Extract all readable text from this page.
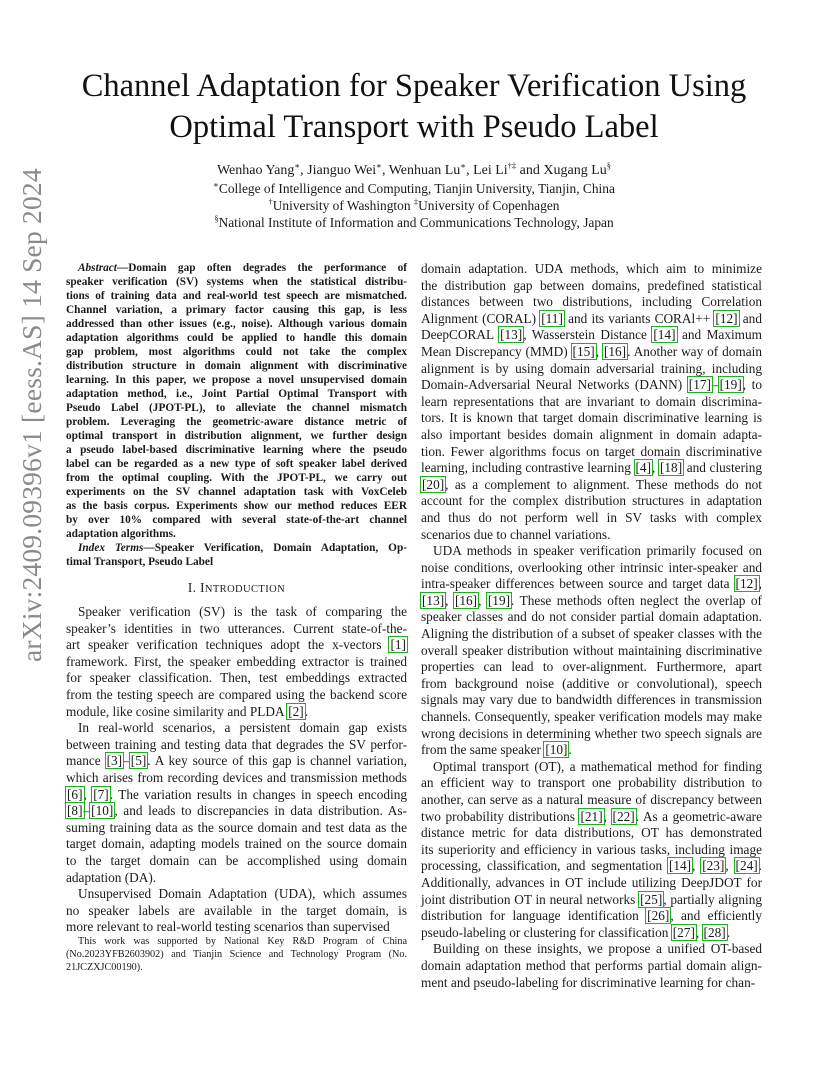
arXiv:2409.09396v1 [eess.AS] 14 Sep 2024
Channel Adaptation for Speaker Verification Using
Optimal Transport with Pseudo Label
Wenhao Yang∗, Jianguo Wei∗, Wenhuan Lu∗, Lei Li†‡ and Xugang Lu§
∗College of Intelligence and Computing, Tianjin University, Tianjin, China
†University of Washington ‡University of Copenhagen
§National Institute of Information and Communications Technology, Japan
Abstract—Domain gap often degrades the performance of
speaker verification (SV) systems when the statistical distribu-
tions of training data and real-world test speech are mismatched.
Channel variation, a primary factor causing this gap, is less
addressed than other issues (e.g., noise). Although various domain
adaptation algorithms could be applied to handle this domain
gap problem, most algorithms could not take the complex
distribution structure in domain alignment with discriminative
learning. In this paper, we propose a novel unsupervised domain
adaptation method, i.e., Joint Partial Optimal Transport with
Pseudo Label (JPOT-PL), to alleviate the channel mismatch
problem. Leveraging the geometric-aware distance metric of
optimal transport in distribution alignment, we further design
a pseudo label-based discriminative learning where the pseudo
label can be regarded as a new type of soft speaker label derived
from the optimal coupling. With the JPOT-PL, we carry out
experiments on the SV channel adaptation task with VoxCeleb
as the basis corpus. Experiments show our method reduces EER
by over 10% compared with several state-of-the-art channel
adaptation algorithms.
Index Terms—Speaker Verification, Domain Adaptation, Op-
timal Transport, Pseudo Label
I. INTRODUCTION
Speaker verification (SV) is the task of comparing the
speaker’s identities in two utterances. Current state-of-the-
art speaker verification techniques adopt the x-vectors [1]
framework. First, the speaker embedding extractor is trained
for speaker classification. Then, test embeddings extracted
from the testing speech are compared using the backend score
module, like cosine similarity and PLDA [2].
In real-world scenarios, a persistent domain gap exists
between training and testing data that degrades the SV perfor-
mance [3]–[5]. A key source of this gap is channel variation,
which arises from recording devices and transmission methods
[6], [7]. The variation results in changes in speech encoding
[8]–[10], and leads to discrepancies in data distribution. As-
suming training data as the source domain and test data as the
target domain, adapting models trained on the source domain
to the target domain can be accomplished using domain
adaptation (DA).
Unsupervised Domain Adaptation (UDA), which assumes
no speaker labels are available in the target domain, is
more relevant to real-world testing scenarios than supervised
This work was supported by National Key R&D Program of China
(No.2023YFB2603902) and Tianjin Science and Technology Program (No.
21JCZXJC00190).
domain adaptation. UDA methods, which aim to minimize
the distribution gap between domains, predefined statistical
distances between two distributions, including Correlation
Alignment (CORAL) [11] and its variants CORAl++ [12] and
DeepCORAL [13], Wasserstein Distance [14] and Maximum
Mean Discrepancy (MMD) [15], [16]. Another way of domain
alignment is by using domain adversarial training, including
Domain-Adversarial Neural Networks (DANN) [17]–[19], to
learn representations that are invariant to domain discrimina-
tors. It is known that target domain discriminative learning is
also important besides domain alignment in domain adapta-
tion. Fewer algorithms focus on target domain discriminative
learning, including contrastive learning [4], [18] and clustering
[20], as a complement to alignment. These methods do not
account for the complex distribution structures in adaptation
and thus do not perform well in SV tasks with complex
scenarios due to channel variations.
UDA methods in speaker verification primarily focused on
noise conditions, overlooking other intrinsic inter-speaker and
intra-speaker differences between source and target data [12],
[13], [16], [19]. These methods often neglect the overlap of
speaker classes and do not consider partial domain adaptation.
Aligning the distribution of a subset of speaker classes with the
overall speaker distribution without maintaining discriminative
properties can lead to over-alignment. Furthermore, apart
from background noise (additive or convolutional), speech
signals may vary due to bandwidth differences in transmission
channels. Consequently, speaker verification models may make
wrong decisions in determining whether two speech signals are
from the same speaker [10].
Optimal transport (OT), a mathematical method for finding
an efficient way to transport one probability distribution to
another, can serve as a natural measure of discrepancy between
two probability distributions [21], [22]. As a geometric-aware
distance metric for data distributions, OT has demonstrated
its superiority and efficiency in various tasks, including image
processing, classification, and segmentation [14], [23], [24].
Additionally, advances in OT include utilizing DeepJDOT for
joint distribution OT in neural networks [25], partially aligning
distribution for language identification [26], and efficiently
pseudo-labeling or clustering for classification [27], [28].
Building on these insights, we propose a unified OT-based
domain adaptation method that performs partial domain align-
ment and pseudo-labeling for discriminative learning for chan-
